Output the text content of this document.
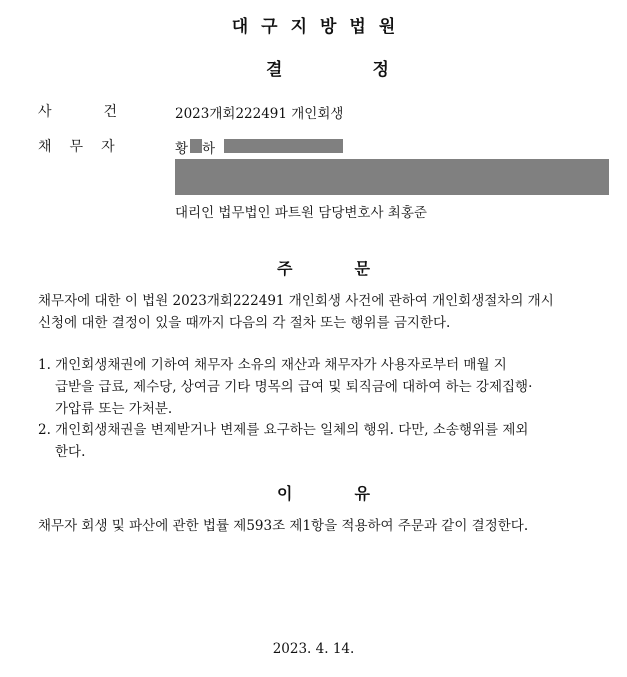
대구지방법원
결	정
사	건	2023개회222491 개인회생
채 무 자	황 하
대리인 법무법인 파트원 담당변호사 최홍준
주	문
채무자에 대한 이 법원 2023개회222491 개인회생 사건에 관하여 개인회생절차의 개시
신청에 대한 결정이 있을 때까지 다음의 각 절차 또는 행위를 금지한다.
1. 개인회생채권에 기하여 채무자 소유의 재산과 채무자가 사용자로부터 매월 지
급받을 급료, 제수당, 상여금 기타 명목의 급여 및 퇴직금에 대하여 하는 강제집행·
가압류 또는 가처분.
2. 개인회생채권을 변제받거나 변제를 요구하는 일체의 행위. 다만, 소송행위를 제외
한다.
이	유
채무자 회생 및 파산에 관한 법률 제593조 제1항을 적용하여 주문과 같이 결정한다.
2023. 4. 14.
